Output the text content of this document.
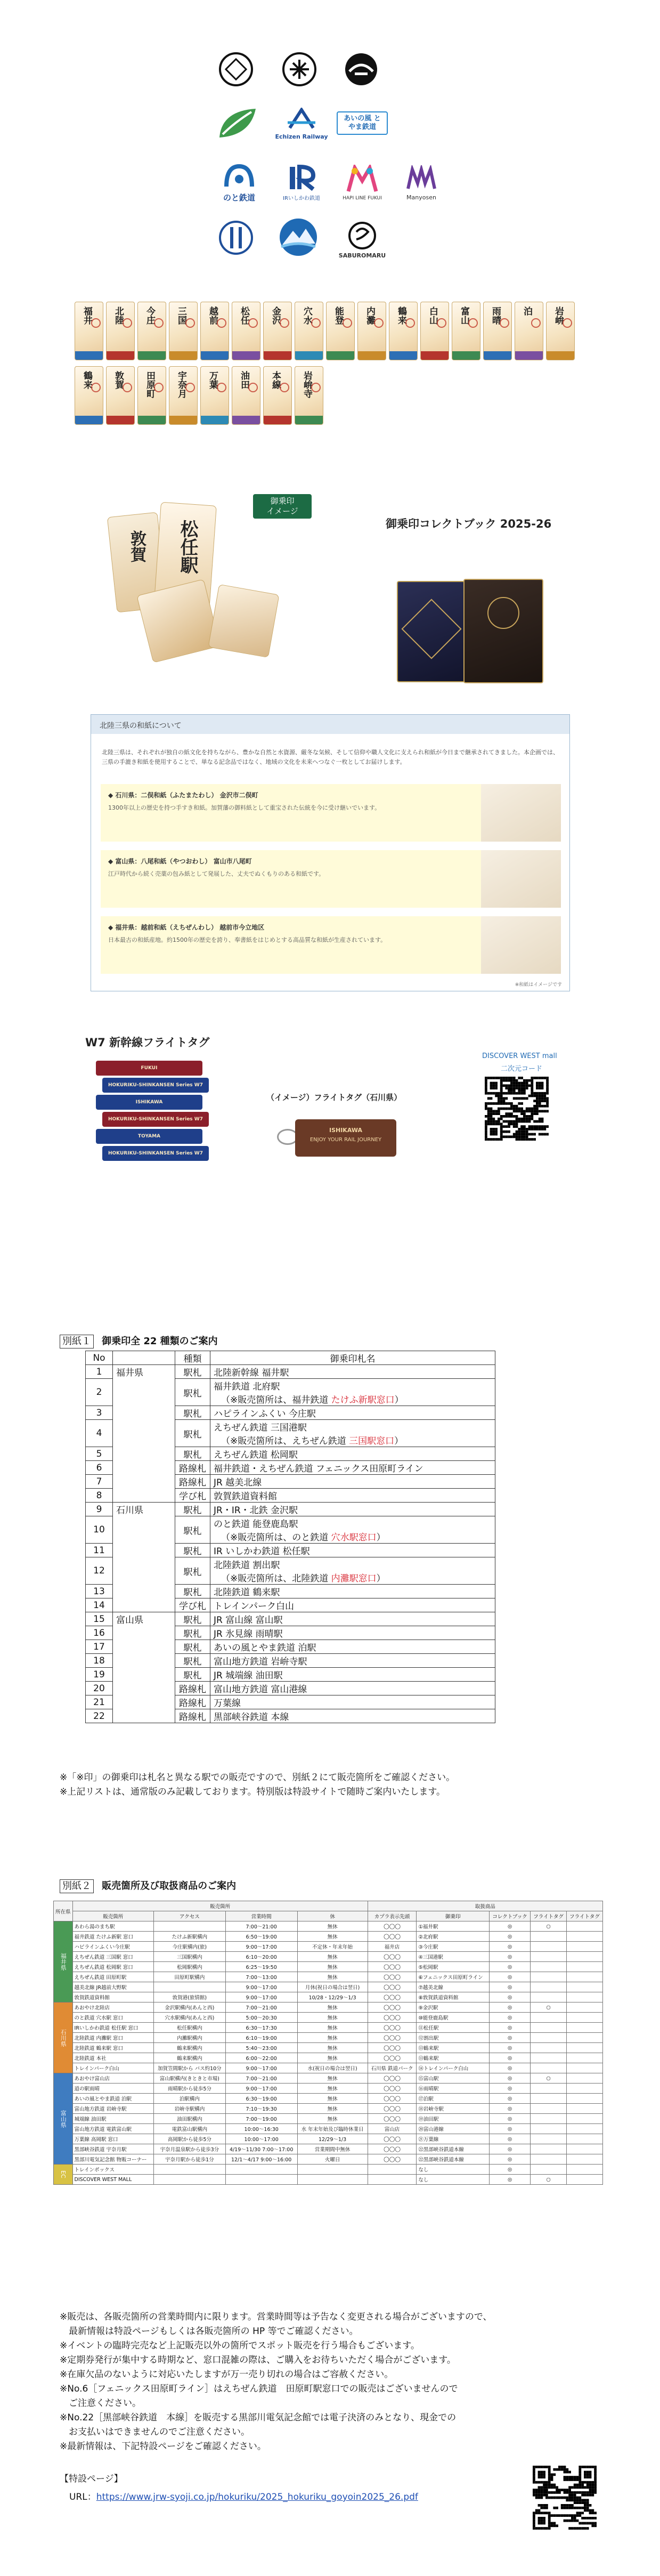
Echizen Railway
あいの風 とやま鉄道
のと鉄道	IRいしかわ鉄道	HAPI LINE FUKUI	Manyosen
SABUROMARU
福井 北陸 今庄 三国 越前 松任 金沢 穴水 能登 内灘 鶴来 白山 富山 雨晴 泊 岩峅
鶴来 敦賀 田原町 宇奈月 万葉 油田 本線 岩峅寺
御乗印
イメージ
敦賀 松任駅	御乗印コレクトブック 2025-26
北陸三県の和紙について
北陸三県は、それぞれが独自の紙文化を持ちながら、豊かな自然と水資源、厳冬な気候、そして信仰や職人文化に支えられ和紙が今日まで継承されてきました。本企画では、三県の手漉き和紙を使用することで、単なる記念品ではなく、地域の文化を未来へつなぐ一枚としてお届けします。
◆ 石川県：二俣和紙（ふたまたわし） 金沢市二俣町
1300年以上の歴史を持つ手すき和紙。加賀藩の御料紙として重宝された伝統を今に受け継いでいます。
◆ 富山県：八尾和紙（やつおわし） 富山市八尾町
江戸時代から続く売薬の包み紙として発展した、丈夫でぬくもりのある和紙です。
◆ 福井県：越前和紙（えちぜんわし） 越前市今立地区
日本最古の和紙産地。約1500年の歴史を誇り、奉書紙をはじめとする高品質な和紙が生産されています。
※和紙はイメージです
W7 新幹線フライトタグ
FUKUI
HOKURIKU-SHINKANSEN Series W7
ISHIKAWA
HOKURIKU-SHINKANSEN Series W7
TOYAMA
HOKURIKU-SHINKANSEN Series W7
（イメージ）フライトタグ（石川県）
ISHIKAWA
ENJOY YOUR RAIL JOURNEY
DISCOVER WEST mall
二次元コード
別紙１ 御乗印全 22 種類のご案内
No		種類	御乗印札名
1	福井県	駅札	北陸新幹線 福井駅
2		駅札	福井鉄道 北府駅
（※販売箇所は、福井鉄道 たけふ新駅窓口）

3		駅札	ハピラインふくい 今庄駅
4		駅札	えちぜん鉄道 三国港駅
（※販売箇所は、えちぜん鉄道 三国駅窓口）

5		駅札	えちぜん鉄道 松岡駅
6		路線札	福井鉄道・えちぜん鉄道 フェニックス田原町ライン
7		路線札	JR 越美北線
8		学び札	敦賀鉄道資料館
9	石川県	駅札	JR・IR・北鉄 金沢駅
10		駅札	のと鉄道 能登鹿島駅
（※販売箇所は、のと鉄道 穴水駅窓口）

11		駅札	IR いしかわ鉄道 松任駅
12		駅札	北陸鉄道 割出駅
（※販売箇所は、北陸鉄道 内灘駅窓口）

13		駅札	北陸鉄道 鶴来駅
14		学び札	トレインパーク白山
15	富山県	駅札	JR 富山線 富山駅
16		駅札	JR 氷見線 雨晴駅
17		駅札	あいの風とやま鉄道 泊駅
18		駅札	富山地方鉄道 岩峅寺駅
19		駅札	JR 城端線 油田駅
20		路線札	富山地方鉄道 富山港線
21		路線札	万葉線
22		路線札	黒部峡谷鉄道 本線
※「※印」の御乗印は札名と異なる駅での販売ですので、別紙２にて販売箇所をご確認ください。
※上記リストは、通常版のみ記載しております。特別版は特設サイトで随時ご案内いたします。
別紙２ 販売箇所及び取扱商品のご案内
所在県	販売箇所				取扱商品				
	販売箇所	アクセス	営業時間	休	カプラ表示先頭	御乗印	コレクトブック	フライトタグ	フライトタグ
福井県	あわら湯のまち駅		7:00～21:00	無休	◯◯◯	①福井駅	◎	○	
	福井鉄道 たけふ新駅 窓口	たけふ新駅構内	6:50～19:00	無休	◯◯◯	②北府駅	◎		
	ハピラインふくい今庄駅	今庄駅構内(旅)	9:00～17:00	不定休・年末年始	福井店	③今庄駅	◎		
	えちぜん鉄道 三国駅 窓口	三国駅構内	6:10～20:00	無休	◯◯◯	④三国港駅	◎		
	えちぜん鉄道 松岡駅 窓口	松岡駅構内	6:25～19:50	無休	◯◯◯	⑤松岡駅	◎		
	えちぜん鉄道 田原町駅	田原町駅構内	7:00～13:00	無休	◯◯◯	⑥フェニックス田原町ライン	◎		
	越美北線 JR越前大野駅		9:00～17:00	月休(祝日の場合は翌日)	◯◯◯	⑦越美北線	◎		
	敦賀鉄道資料館	敦賀港(旅情館)	9:00～17:00	10/28・12/29～1/3	◯◯◯	⑧敦賀鉄道資料館	◎		
石川県	あおやけ北陸店	金沢駅構内(あんと西)	7:00～21:00	無休	◯◯◯	⑨金沢駅	◎	○	
	のと鉄道 穴水駅 窓口	穴水駅構内(あんと西)	5:00～20:30	無休	◯◯◯	⑩能登鹿島駅	◎		
	IRいしかわ鉄道 松任駅 窓口	松任駅構内	6:30～17:30	無休	◯◯◯	⑪松任駅	◎		
	北陸鉄道 内灘駅 窓口	内灘駅構内	6:10～19:00	無休	◯◯◯	⑫割出駅	◎		
	北陸鉄道 鶴来駅 窓口	鶴来駅構内	5:40～23:00	無休	◯◯◯	⑬鶴来駅	◎		
	北陸鉄道 本社	鶴来駅構内	6:00～22:00	無休	◯◯◯	⑬鶴来駅	◎		
	トレインパーク白山	加賀笠間駅から バス約10分	9:00～17:00	水(祝日の場合は翌日)	石川県 鉄道パーク	⑭トレインパーク白山	◎		
富山県	あおやけ富山店	富山駅構内(きときと市場)	7:00～21:00	無休	◯◯◯	⑮富山駅	◎	○	
	道の駅雨晴	雨晴駅から徒歩5分	9:00～17:00	無休	◯◯◯	⑯雨晴駅	◎		
	あいの風とやま鉄道 泊駅	泊駅構内	6:30～19:00	無休	◯◯◯	⑰泊駅	◎		
	富山地方鉄道 岩峅寺駅	岩峅寺駅構内	7:10～19:30	無休	◯◯◯	⑱岩峅寺駅	◎		
	城端線 油田駅	油田駅構内	7:00～19:00	無休	◯◯◯	⑲油田駅	◎		
	富山地方鉄道 電鉄富山駅	電鉄富山駅構内	10:00～16:30	水 年末年始及び臨時休業日	富山店	⑳富山港線	◎		
	万葉線 高岡駅 窓口	高岡駅から徒歩5分	10:00～17:00	12/29～1/3	◯◯◯	㉑万葉線	◎		
	黒部峡谷鉄道 宇奈月駅	宇奈月温泉駅から徒歩3分	4/19～11/30 7:00～17:00	営業期間中無休	◯◯◯	㉒黒部峡谷鉄道本線	◎		
	黒部川電気記念館 物販コーナー	宇奈月駅から徒歩1分	12/1～4/17 9:00～16:00	火曜日	◯◯◯	㉒黒部峡谷鉄道本線	◎		
EC	トレインボックス					なし	◎		
	DISCOVER WEST MALL					なし	◎	○	
※販売は、各販売箇所の営業時間内に限ります。営業時間等は予告なく変更される場合がございますので、
　最新情報は特設ページもしくは各販売箇所の HP 等でご確認ください。
※イベントの臨時完売など上記販売以外の箇所でスポット販売を行う場合もございます。
※定期券発行が集中する時期など、窓口混雑の際は、ご購入をお待ちいただく場合がございます。
※在庫欠品のないように対応いたしますが万一売り切れの場合はご容赦ください。
※No.6［フェニックス田原町ライン］はえちぜん鉄道　田原町駅窓口での販売はございませんので
　ご注意ください。
※No.22［黒部峡谷鉄道　本線］を販売する黒部川電気記念館では電子決済のみとなり、現金での
　お支払いはできませんのでご注意ください。
※最新情報は、下記特設ページをご確認ください。
【特設ページ】
URL：https://www.jrw-syoji.co.jp/hokuriku/2025_hokuriku_goyoin2025_26.pdf
